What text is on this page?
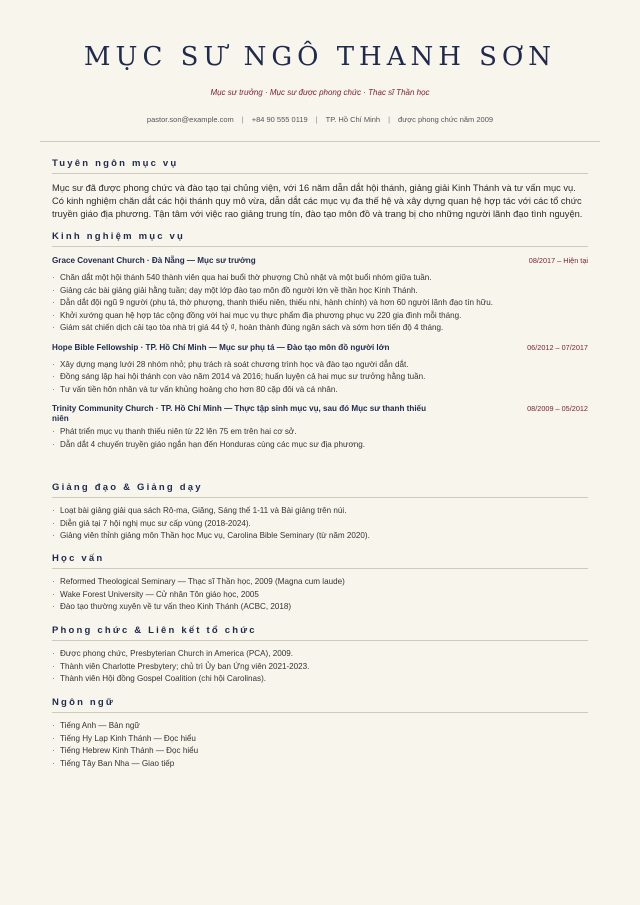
MỤC SƯ NGÔ THANH SƠN
Mục sư trưởng · Mục sư được phong chức · Thạc sĩ Thần học
pastor.son@example.com | +84 90 555 0119 | TP. Hồ Chí Minh | được phong chức năm 2009
Tuyên ngôn mục vụ
Mục sư đã được phong chức và đào tạo tại chủng viện, với 16 năm dẫn dắt hội thánh, giảng giải Kinh Thánh và tư vấn mục vụ. Có kinh nghiệm chăn dắt các hội thánh quy mô vừa, dẫn dắt các mục vụ đa thế hệ và xây dựng quan hệ hợp tác với các tổ chức truyền giáo địa phương. Tận tâm với việc rao giảng trung tín, đào tạo môn đồ và trang bị cho những người lãnh đạo tình nguyện.
Kinh nghiệm mục vụ
Grace Covenant Church · Đà Nẵng — Mục sư trưởng	08/2017 – Hiện tại
· Chăn dắt một hội thánh 540 thành viên qua hai buổi thờ phượng Chủ nhật và một buổi nhóm giữa tuần.
· Giảng các bài giảng giải hằng tuần; dạy một lớp đào tạo môn đồ người lớn về thần học Kinh Thánh.
· Dẫn dắt đội ngũ 9 người (phụ tá, thờ phượng, thanh thiếu niên, thiếu nhi, hành chính) và hơn 60 người lãnh đạo tín hữu.
· Khởi xướng quan hệ hợp tác cộng đồng với hai mục vụ thực phẩm địa phương phục vụ 220 gia đình mỗi tháng.
· Giám sát chiến dịch cải tạo tòa nhà trị giá 44 tỷ ₫, hoàn thành đúng ngân sách và sớm hơn tiến độ 4 tháng.
Hope Bible Fellowship · TP. Hồ Chí Minh — Mục sư phụ tá — Đào tạo môn đồ người lớn	06/2012 – 07/2017
· Xây dựng mạng lưới 28 nhóm nhỏ; phụ trách rà soát chương trình học và đào tạo người dẫn dắt.
· Đồng sáng lập hai hội thánh con vào năm 2014 và 2016; huấn luyện cả hai mục sư trưởng hằng tuần.
· Tư vấn tiền hôn nhân và tư vấn khủng hoảng cho hơn 80 cặp đôi và cá nhân.
Trinity Community Church · TP. Hồ Chí Minh — Thực tập sinh mục vụ, sau đó Mục sư thanh thiếu niên
08/2009 – 05/2012
· Phát triển mục vụ thanh thiếu niên từ 22 lên 75 em trên hai cơ sở.
· Dẫn dắt 4 chuyến truyền giáo ngắn hạn đến Honduras cùng các mục sư địa phương.
Giảng đạo & Giảng dạy
· Loạt bài giảng giải qua sách Rô-ma, Giăng, Sáng thế 1-11 và Bài giảng trên núi.
· Diễn giả tại 7 hội nghị mục sư cấp vùng (2018-2024).
· Giảng viên thỉnh giảng môn Thần học Mục vụ, Carolina Bible Seminary (từ năm 2020).
Học vấn
· Reformed Theological Seminary — Thạc sĩ Thần học, 2009 (Magna cum laude)
· Wake Forest University — Cử nhân Tôn giáo học, 2005
· Đào tạo thường xuyên về tư vấn theo Kinh Thánh (ACBC, 2018)
Phong chức & Liên kết tổ chức
· Được phong chức, Presbyterian Church in America (PCA), 2009.
· Thành viên Charlotte Presbytery; chủ trì Ủy ban Ứng viên 2021-2023.
· Thành viên Hội đồng Gospel Coalition (chi hội Carolinas).
Ngôn ngữ
· Tiếng Anh — Bản ngữ
· Tiếng Hy Lạp Kinh Thánh — Đọc hiểu
· Tiếng Hebrew Kinh Thánh — Đọc hiểu
· Tiếng Tây Ban Nha — Giao tiếp
